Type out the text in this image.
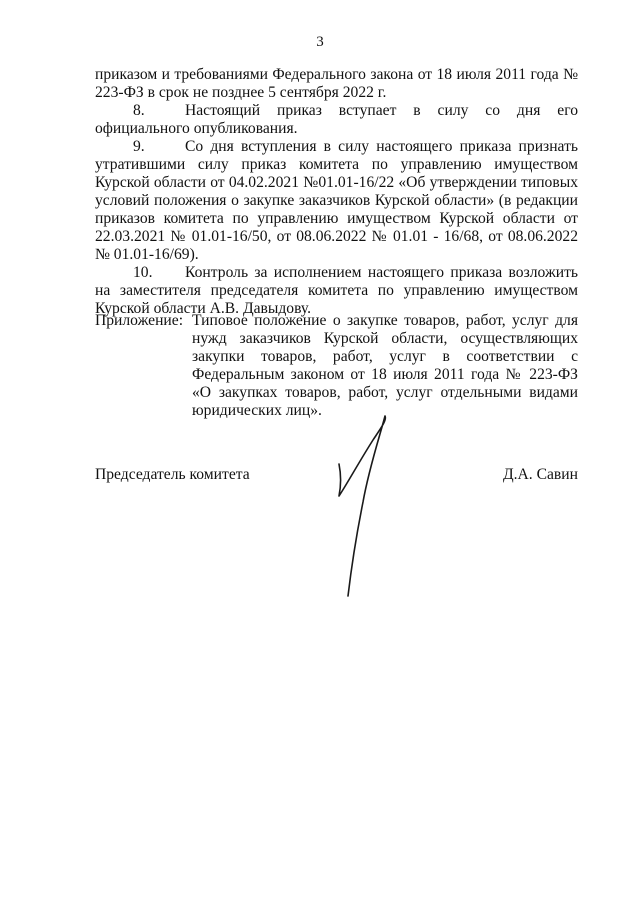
3

приказом и требованиями Федерального закона от 18 июля 2011 года № 223-ФЗ в срок не позднее 5 сентября 2022 г.

8.	Настоящий приказ вступает в силу со дня его официального опубликования.

9.	Со дня вступления в силу настоящего приказа признать утратившими силу приказ комитета по управлению имуществом Курской области от 04.02.2021 №01.01-16/22 «Об утверждении типовых условий положения о закупке заказчиков Курской области» (в редакции приказов комитета по управлению имуществом Курской области от 22.03.2021 № 01.01-16/50, от 08.06.2022 № 01.01 - 16/68, от 08.06.2022 № 01.01-16/69).

10. Контроль за исполнением настоящего приказа возложить на заместителя председателя комитета по управлению имуществом Курской области А.В. Давыдову.

Приложение: Типовое положение о закупке товаров, работ, услуг для нужд заказчиков Курской области, осуществляющих закупки товаров, работ, услуг в соответствии с Федеральным законом от 18 июля 2011 года № 223-ФЗ «О закупках товаров, работ, услуг отдельными видами юридических лиц».
Председатель комитета	Д.А. Савин
